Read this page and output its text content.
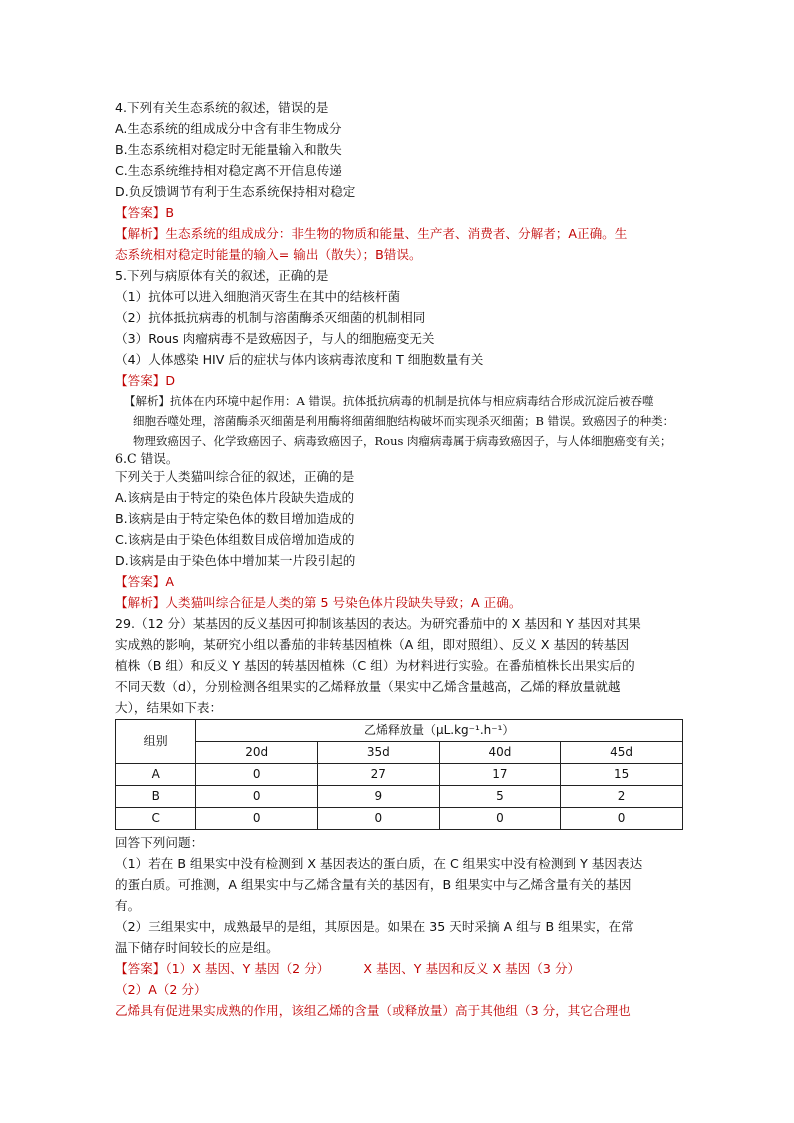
4.下列有关生态系统的叙述，错误的是
A.生态系统的组成成分中含有非生物成分
B.生态系统相对稳定时无能量输入和散失
C.生态系统维持相对稳定离不开信息传递
D.负反馈调节有利于生态系统保持相对稳定
【答案】B
【解析】生态系统的组成成分：非生物的物质和能量、生产者、消费者、分解者；A正确。生
态系统相对稳定时能量的输入= 输出（散失）；B错误。
5.下列与病原体有关的叙述，正确的是
（1）抗体可以进入细胞消灭寄生在其中的结核杆菌
（2）抗体抵抗病毒的机制与溶菌酶杀灭细菌的机制相同
（3）Rous 肉瘤病毒不是致癌因子，与人的细胞癌变无关
（4）人体感染 HIV 后的症状与体内该病毒浓度和 T 细胞数量有关
【答案】D
【解析】抗体在内环境中起作用：A 错误。抗体抵抗病毒的机制是抗体与相应病毒结合形成沉淀后被吞噬
细胞吞噬处理，溶菌酶杀灭细菌是利用酶将细菌细胞结构破坏而实现杀灭细菌；B 错误。致癌因子的种类：
物理致癌因子、化学致癌因子、病毒致癌因子，Rous 肉瘤病毒属于病毒致癌因子，与人体细胞癌变有关；
6.C 错误。
下列关于人类猫叫综合征的叙述，正确的是
A.该病是由于特定的染色体片段缺失造成的
B.该病是由于特定染色体的数目增加造成的
C.该病是由于染色体组数目成倍增加造成的
D.该病是由于染色体中增加某一片段引起的
【答案】A
【解析】人类猫叫综合征是人类的第 5 号染色体片段缺失导致；A 正确。
29.（12 分）某基因的反义基因可抑制该基因的表达。为研究番茄中的 X 基因和 Y 基因对其果
实成熟的影响，某研究小组以番茄的非转基因植株（A 组，即对照组）、反义 X 基因的转基因
植株（B 组）和反义 Y 基因的转基因植株（C 组）为材料进行实验。在番茄植株长出果实后的
不同天数（d），分别检测各组果实的乙烯释放量（果实中乙烯含量越高，乙烯的释放量就越
大），结果如下表：
组别	乙烯释放量（μL.kg⁻¹.h⁻¹）			
	20d	35d	40d	45d
A	0	27	17	15
B	0	9	5	2
C	0	0	0	0
回答下列问题：
（1）若在 B 组果实中没有检测到 X 基因表达的蛋白质，在 C 组果实中没有检测到 Y 基因表达
的蛋白质。可推测，A 组果实中与乙烯含量有关的基因有，B 组果实中与乙烯含量有关的基因
有。
（2）三组果实中，成熟最早的是组，其原因是。如果在 35 天时采摘 A 组与 B 组果实，在常
温下储存时间较长的应是组。
【答案】（1）X 基因、Y 基因（2 分）	X 基因、Y 基因和反义 X 基因（3 分）
（2）A（2 分）
乙烯具有促进果实成熟的作用，该组乙烯的含量（或释放量）高于其他组（3 分，其它合理也
